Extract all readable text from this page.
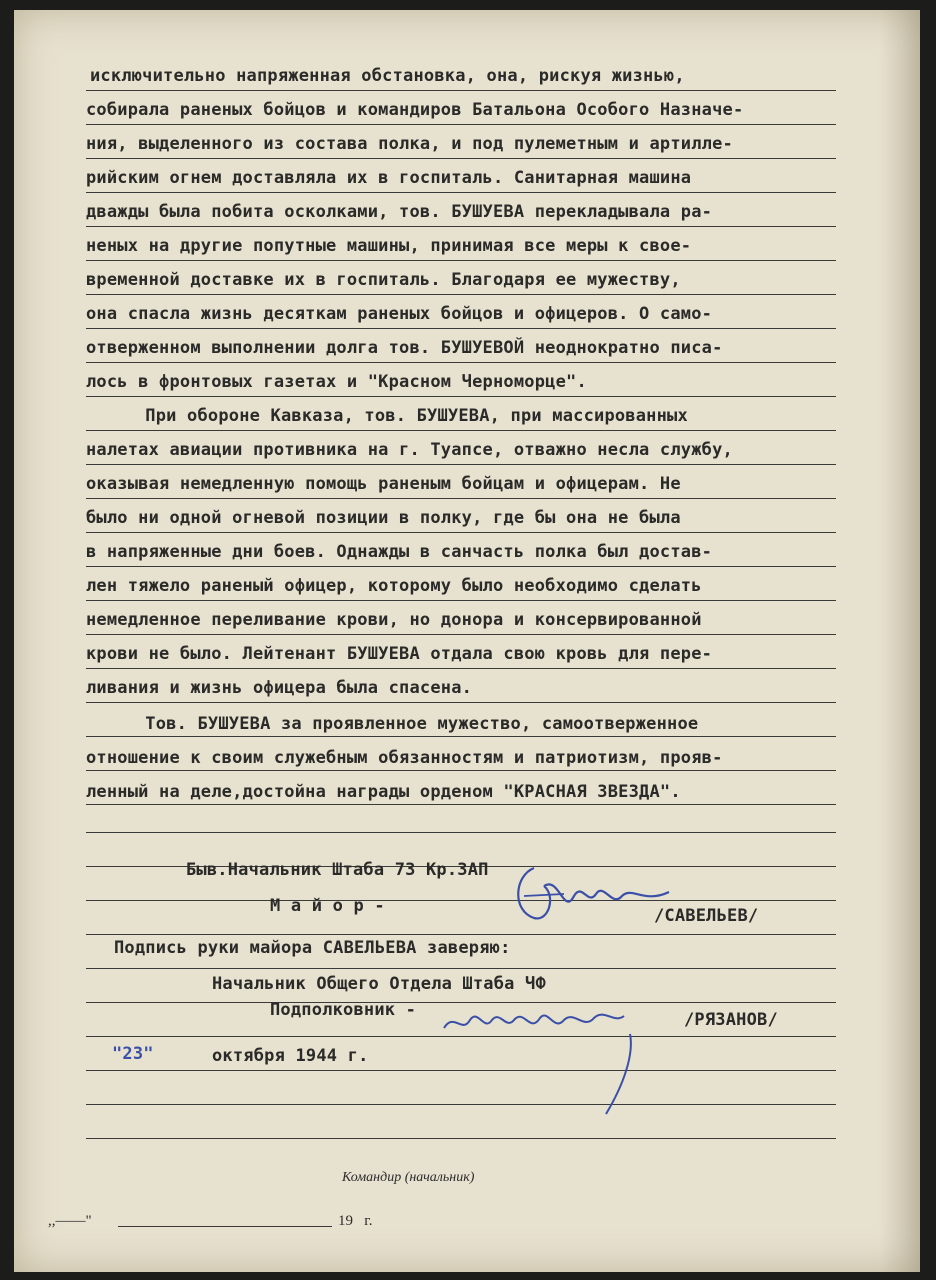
исключительно напряженная обстановка, она, рискуя жизнью,
собирала раненых бойцов и командиров Батальона Особого Назначе-
ния, выделенного из состава полка, и под пулеметным и артилле-
рийским огнем доставляла их в госпиталь. Санитарная машина
дважды была побита осколками, тов. БУШУЕВА перекладывала ра-
неных на другие попутные машины, принимая все меры к свое-
временной доставке их в госпиталь. Благодаря ее мужеству,
она спасла жизнь десяткам раненых бойцов и офицеров. О само-
отверженном выполнении долга тов. БУШУЕВОЙ неоднократно писа-
лось в фронтовых газетах и "Красном Черноморце".
При обороне Кавказа, тов. БУШУЕВА, при массированных
налетах авиации противника на г. Туапсе, отважно несла службу,
оказывая немедленную помощь раненым бойцам и офицерам. Не
было ни одной огневой позиции в полку, где бы она не была
в напряженные дни боев. Однажды в санчасть полка был достав-
лен тяжело раненый офицер, которому было необходимо сделать
немедленное переливание крови, но донора и консервированной
крови не было. Лейтенант БУШУЕВА отдала свою кровь для пере-
ливания и жизнь офицера была спасена.
Тов. БУШУЕВА за проявленное мужество, самоотверженное
отношение к своим служебным обязанностям и патриотизм, прояв-
ленный на деле,достойна награды орденом "КРАСНАЯ ЗВЕЗДА".
Быв.Начальник Штаба 73 Кр.ЗАП
М а й о р -	/САВЕЛЬЕВ/
Подпись руки майора САВЕЛЬЕВА заверяю:
Начальник Общего Отдела Штаба ЧФ
Подполковник -	/РЯЗАНОВ/
"23"	октября 1944 г.
Командир (начальник)
,,——"	19   г.
